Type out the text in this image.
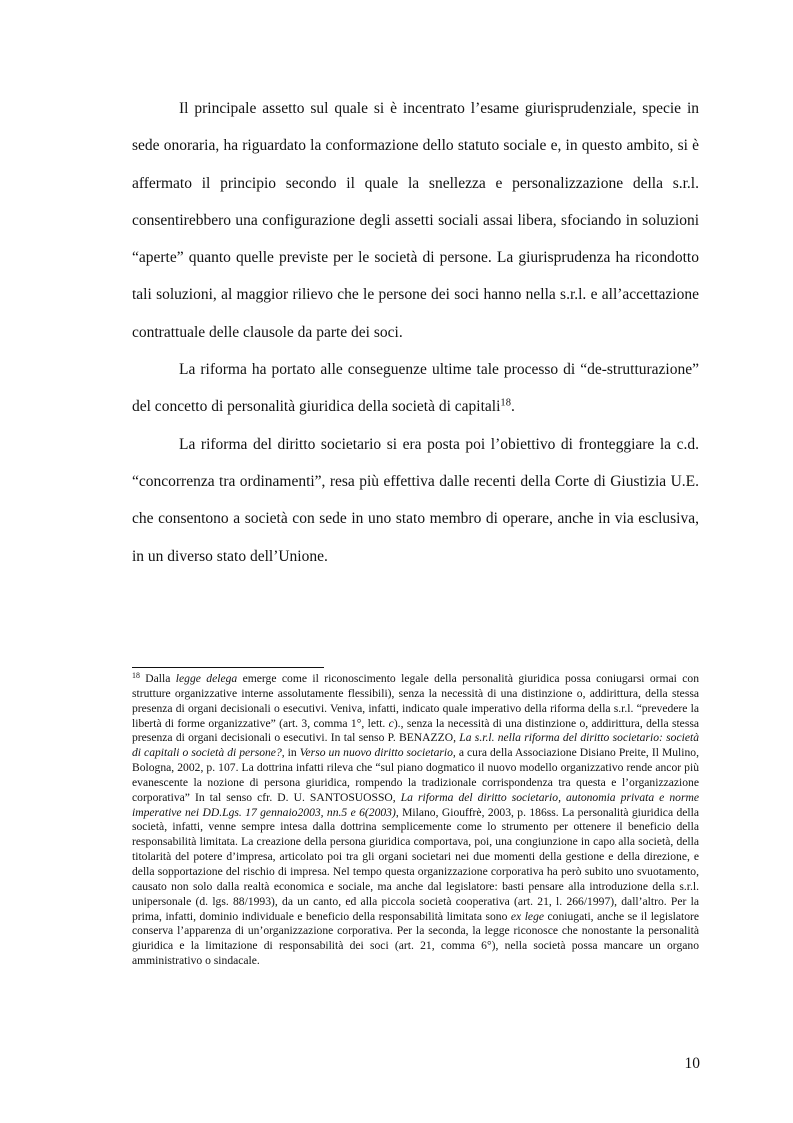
Il principale assetto sul quale si è incentrato l’esame giurisprudenziale, specie in sede onoraria, ha riguardato la conformazione dello statuto sociale e, in questo ambito, si è affermato il principio secondo il quale la snellezza e personalizzazione della s.r.l. consentirebbero una configurazione degli assetti sociali assai libera, sfociando in soluzioni “aperte” quanto quelle previste per le società di persone. La giurisprudenza ha ricondotto tali soluzioni, al maggior rilievo che le persone dei soci hanno nella s.r.l. e all’accettazione contrattuale delle clausole da parte dei soci.

La riforma ha portato alle conseguenze ultime tale processo di “de-strutturazione” del concetto di personalità giuridica della società di capitali$^{18}$.

La riforma del diritto societario si era posta poi l’obiettivo di fronteggiare la c.d. “concorrenza tra ordinamenti”, resa più effettiva dalle recenti della Corte di Giustizia U.E. che consentono a società con sede in uno stato membro di operare, anche in via esclusiva, in un diverso stato dell’Unione.

$^{18}$ Dalla legge delega emerge come il riconoscimento legale della personalità giuridica possa coniugarsi ormai con strutture organizzative interne assolutamente flessibili), senza la necessità di una distinzione o, addirittura, della stessa presenza di organi decisionali o esecutivi. Veniva, infatti, indicato quale imperativo della riforma della s.r.l. “prevedere la libertà di forme organizzative” (art. 3, comma 1°, lett. c)., senza la necessità di una distinzione o, addirittura, della stessa presenza di organi decisionali o esecutivi. In tal senso P. BENAZZO, La s.r.l. nella riforma del diritto societario: società di capitali o società di persone?, in Verso un nuovo diritto societario, a cura della Associazione Disiano Preite, Il Mulino, Bologna, 2002, p. 107. La dottrina infatti rileva che “sul piano dogmatico il nuovo modello organizzativo rende ancor più evanescente la nozione di persona giuridica, rompendo la tradizionale corrispondenza tra questa e l’organizzazione corporativa” In tal senso cfr. D. U. SANTOSUOSSO, La riforma del diritto societario, autonomia privata e norme imperative nei DD.Lgs. 17 gennaio2003, nn.5 e 6(2003), Milano, Giouffrè, 2003, p. 186ss. La personalità giuridica della società, infatti, venne sempre intesa dalla dottrina semplicemente come lo strumento per ottenere il beneficio della responsabilità limitata. La creazione della persona giuridica comportava, poi, una congiunzione in capo alla società, della titolarità del potere d’impresa, articolato poi tra gli organi societari nei due momenti della gestione e della direzione, e della sopportazione del rischio di impresa. Nel tempo questa organizzazione corporativa ha però subito uno svuotamento, causato non solo dalla realtà economica e sociale, ma anche dal legislatore: basti pensare alla introduzione della s.r.l. unipersonale (d. lgs. 88/1993), da un canto, ed alla piccola società cooperativa (art. 21, l. 266/1997), dall’altro. Per la prima, infatti, dominio individuale e beneficio della responsabilità limitata sono ex lege coniugati, anche se il legislatore conserva l’apparenza di un’organizzazione corporativa. Per la seconda, la legge riconosce che nonostante la personalità giuridica e la limitazione di responsabilità dei soci (art. 21, comma 6°), nella società possa mancare un organo amministrativo o sindacale.

10
